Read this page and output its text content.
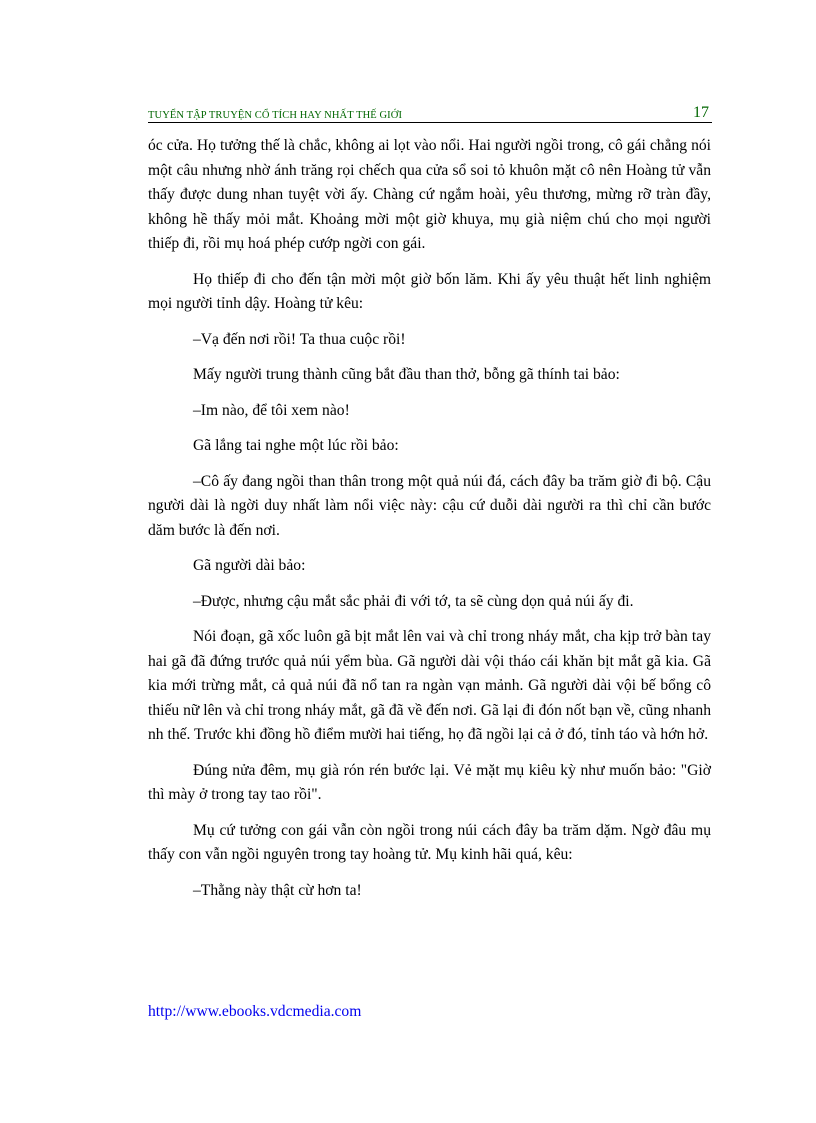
TUYỂN TẬP TRUYỆN CỔ TÍCH HAY NHẤT THẾ GIỚI	17

óc cửa. Họ tưởng thế là chắc, không ai lọt vào nổi. Hai người ngồi trong, cô gái chẳng nói một câu nhưng nhờ ánh trăng rọi chếch qua cửa sổ soi tỏ khuôn mặt cô nên Hoàng tử vẫn thấy được dung nhan tuyệt vời ấy. Chàng cứ ngắm hoài, yêu thương, mừng rỡ tràn đầy, không hề thấy mỏi mắt. Khoảng mời một giờ khuya, mụ già niệm chú cho mọi người thiếp đi, rồi mụ hoá phép cướp ngời con gái.

Họ thiếp đi cho đến tận mời một giờ bốn lăm. Khi ấy yêu thuật hết linh nghiệm mọi người tỉnh dậy. Hoàng tử kêu:

–Vạ đến nơi rồi! Ta thua cuộc rồi!

Mấy người trung thành cũng bắt đầu than thở, bỗng gã thính tai bảo:

–Im nào, để tôi xem nào!

Gã lắng tai nghe một lúc rồi bảo:

–Cô ấy đang ngồi than thân trong một quả núi đá, cách đây ba trăm giờ đi bộ. Cậu người dài là ngời duy nhất làm nổi việc này: cậu cứ duỗi dài người ra thì chỉ cần bước dăm bước là đến nơi.

Gã người dài bảo:

–Được, nhưng cậu mắt sắc phải đi với tớ, ta sẽ cùng dọn quả núi ấy đi.

Nói đoạn, gã xốc luôn gã bịt mắt lên vai và chỉ trong nháy mắt, cha kịp trở bàn tay hai gã đã đứng trước quả núi yểm bùa. Gã người dài vội tháo cái khăn bịt mắt gã kia. Gã kia mới trừng mắt, cả quả núi đã nổ tan ra ngàn vạn mảnh. Gã người dài vội bế bổng cô thiếu nữ lên và chỉ trong nháy mắt, gã đã về đến nơi. Gã lại đi đón nốt bạn về, cũng nhanh nh thế. Trước khi đồng hồ điểm mười hai tiếng, họ đã ngồi lại cả ở đó, tỉnh táo và hớn hở.

Đúng nửa đêm, mụ già rón rén bước lại. Vẻ mặt mụ kiêu kỳ như muốn bảo: "Giờ thì mày ở trong tay tao rồi".

Mụ cứ tưởng con gái vẫn còn ngồi trong núi cách đây ba trăm dặm. Ngờ đâu mụ thấy con vẫn ngồi nguyên trong tay hoàng tử. Mụ kinh hãi quá, kêu:

–Thằng này thật cừ hơn ta!

http://www.ebooks.vdcmedia.com
